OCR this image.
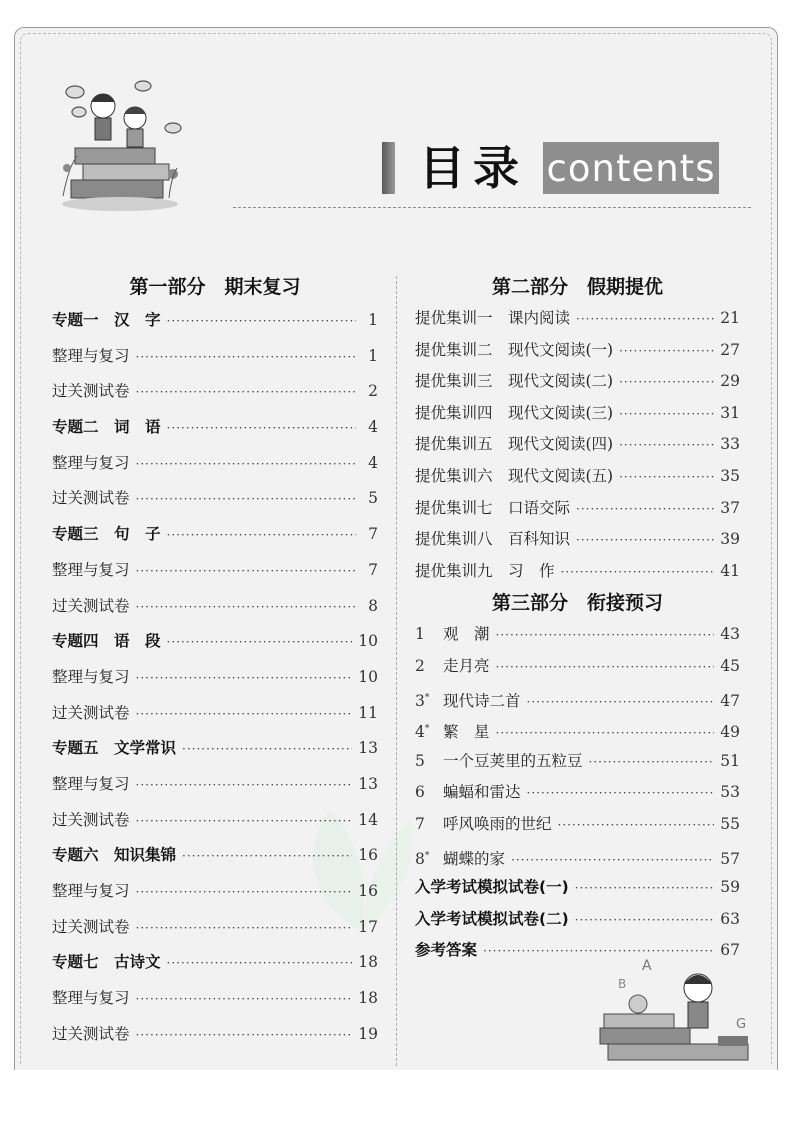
目录 contents
第一部分　期末复习
专题一　汉　字 ·····	1
整理与复习 ·····	1
过关测试卷 ·····	2
专题二　词　语 ·····	4
整理与复习 ·····	4
过关测试卷 ·····	5
专题三　句　子 ·····	7
整理与复习 ·····	7
过关测试卷 ·····	8
专题四　语　段 ·····	10
整理与复习 ·····	10
过关测试卷 ·····	11
专题五　文学常识 ·····	13
整理与复习 ·····	13
过关测试卷 ·····	14
专题六　知识集锦 ·····	16
整理与复习 ·····	16
过关测试卷 ·····	17
专题七　古诗文 ·····	18
整理与复习 ·····	18
过关测试卷 ·····	19
第二部分　假期提优
提优集训一　课内阅读 ·····	21
提优集训二　现代文阅读(一) ·····	27
提优集训三　现代文阅读(二) ·····	29
提优集训四　现代文阅读(三) ·····	31
提优集训五　现代文阅读(四) ·····	33
提优集训六　现代文阅读(五) ·····	35
提优集训七　口语交际 ·····	37
提优集训八　百科知识 ·····	39
提优集训九　习　作 ·····	41
第三部分　衔接预习
1	观　潮 ·····	43
2	走月亮 ·····	45
3* 现代诗二首 ·····	47
4* 繁　星 ·····	49
5	一个豆荚里的五粒豆 ·····	51
6	蝙蝠和雷达 ·····	53
7	呼风唤雨的世纪 ·····	55
8* 蝴蝶的家 ·····	57
入学考试模拟试卷(一) ·····	59
入学考试模拟试卷(二) ·····	63
参考答案 ·····	67
A
B
G
